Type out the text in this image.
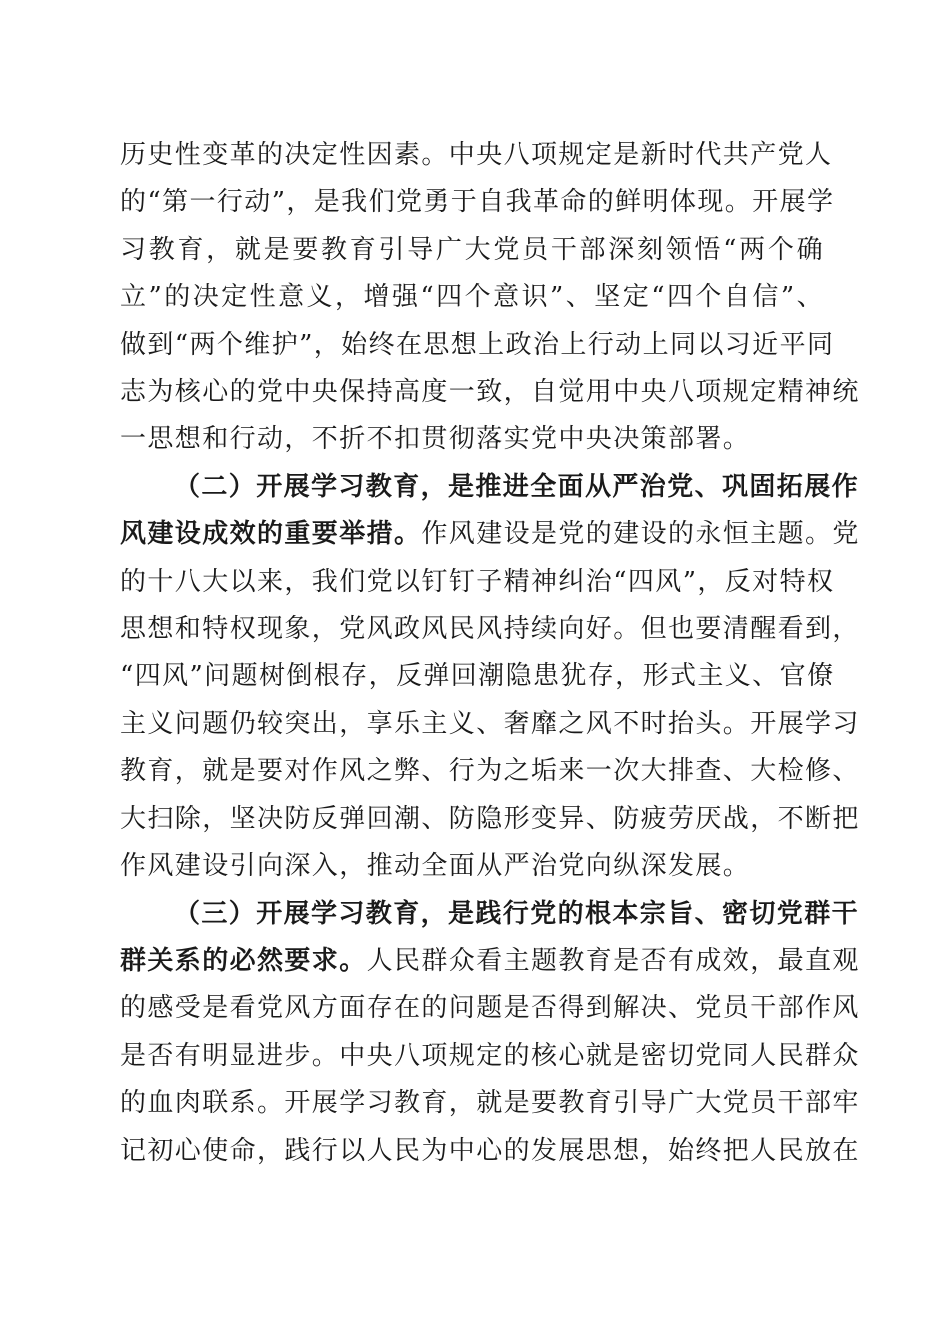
历史性变革的决定性因素。中央八项规定是新时代共产党人
的“第一行动”，是我们党勇于自我革命的鲜明体现。开展学
习教育，就是要教育引导广大党员干部深刻领悟“两个确
立”的决定性意义，增强“四个意识”、坚定“四个自信”、
做到“两个维护”，始终在思想上政治上行动上同以习近平同
志为核心的党中央保持高度一致，自觉用中央八项规定精神统
一思想和行动，不折不扣贯彻落实党中央决策部署。
（二）开展学习教育，是推进全面从严治党、巩固拓展作
风建设成效的重要举措。作风建设是党的建设的永恒主题。党
的十八大以来，我们党以钉钉子精神纠治“四风”，反对特权
思想和特权现象，党风政风民风持续向好。但也要清醒看到，
“四风”问题树倒根存，反弹回潮隐患犹存，形式主义、官僚
主义问题仍较突出，享乐主义、奢靡之风不时抬头。开展学习
教育，就是要对作风之弊、行为之垢来一次大排查、大检修、
大扫除，坚决防反弹回潮、防隐形变异、防疲劳厌战，不断把
作风建设引向深入，推动全面从严治党向纵深发展。
（三）开展学习教育，是践行党的根本宗旨、密切党群干
群关系的必然要求。人民群众看主题教育是否有成效，最直观
的感受是看党风方面存在的问题是否得到解决、党员干部作风
是否有明显进步。中央八项规定的核心就是密切党同人民群众
的血肉联系。开展学习教育，就是要教育引导广大党员干部牢
记初心使命，践行以人民为中心的发展思想，始终把人民放在
